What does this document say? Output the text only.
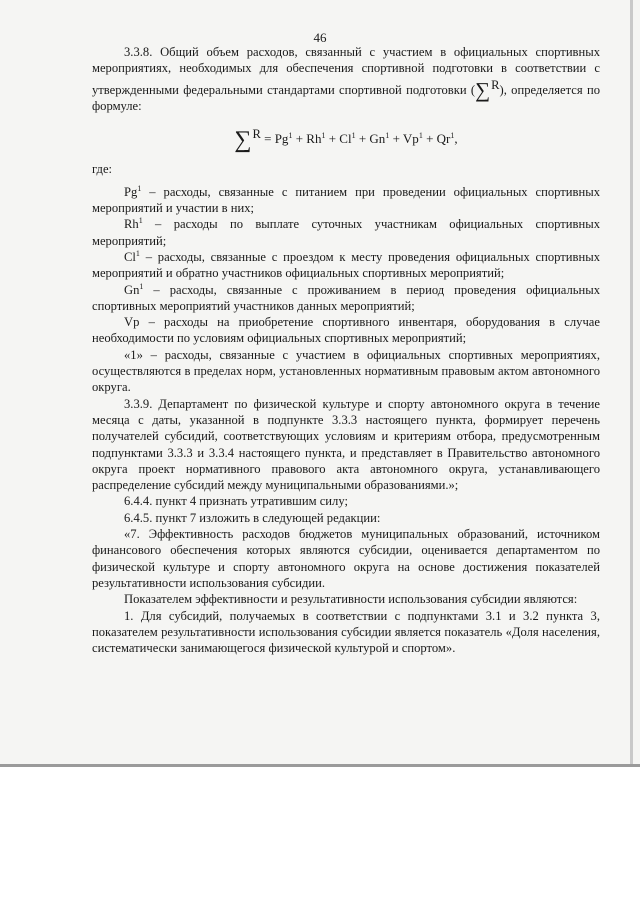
46

3.3.8. Общий объем расходов, связанный с участием в официальных спортивных мероприятиях, необходимых для обеспечения спортивной подготовки в соответствии с утвержденными федеральными стандартами спортивной подготовки (∑R), определяется по формуле:

$\sum R = Pg^1 + Rh^1 + Cl^1 + Gn^1 + Vp^1 + Qr^1$,

где:

Pg$^1$ – расходы, связанные с питанием при проведении официальных спортивных мероприятий и участии в них;

Rh$^1$ – расходы по выплате суточных участникам официальных спортивных мероприятий;

Cl$^1$ – расходы, связанные с проездом к месту проведения официальных спортивных мероприятий и обратно участников официальных спортивных мероприятий;

Gn$^1$ – расходы, связанные с проживанием в период проведения официальных спортивных мероприятий участников данных мероприятий;

Vp – расходы на приобретение спортивного инвентаря, оборудования в случае необходимости по условиям официальных спортивных мероприятий;

«1» – расходы, связанные с участием в официальных спортивных мероприятиях, осуществляются в пределах норм, установленных нормативным правовым актом автономного округа.

3.3.9. Департамент по физической культуре и спорту автономного округа в течение месяца с даты, указанной в подпункте 3.3.3 настоящего пункта, формирует перечень получателей субсидий, соответствующих условиям и критериям отбора, предусмотренным подпунктами 3.3.3 и 3.3.4 настоящего пункта, и представляет в Правительство автономного округа проект нормативного правового акта автономного округа, устанавливающего распределение субсидий между муниципальными образованиями.»;

6.4.4. пункт 4 признать утратившим силу;

6.4.5. пункт 7 изложить в следующей редакции:

«7. Эффективность расходов бюджетов муниципальных образований, источником финансового обеспечения которых являются субсидии, оценивается департаментом по физической культуре и спорту автономного округа на основе достижения показателей результативности использования субсидии.

Показателем эффективности и результативности использования субсидии являются:

1. Для субсидий, получаемых в соответствии с подпунктами 3.1 и 3.2 пункта 3, показателем результативности использования субсидии является показатель «Доля населения, систематически занимающегося физической культурой и спортом».
